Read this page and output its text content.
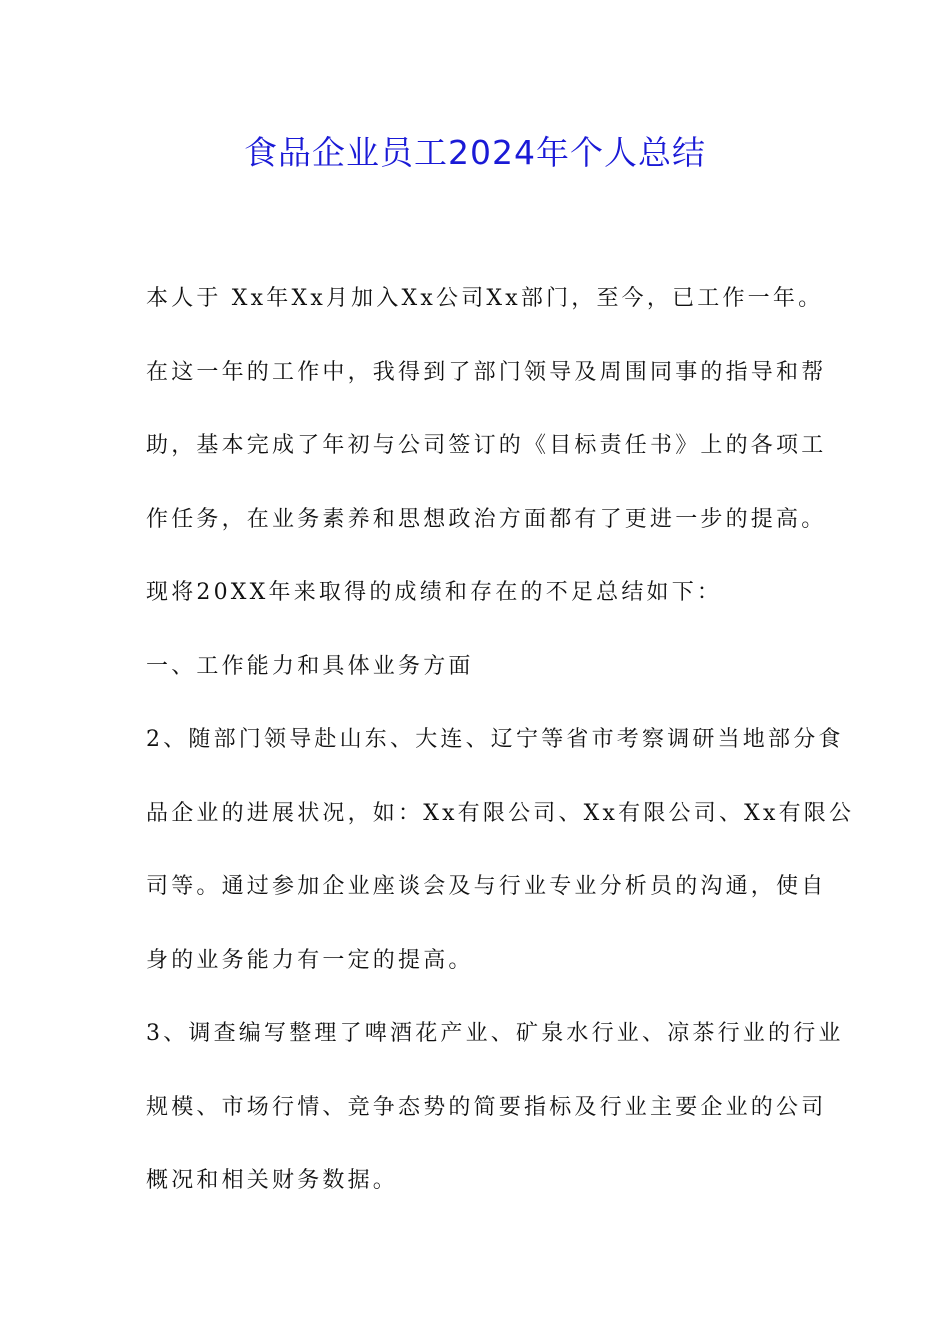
食品企业员工2024年个人总结
本人于 Xx年Xx月加入Xx公司Xx部门，至今，已工作一年。
在这一年的工作中，我得到了部门领导及周围同事的指导和帮
助，基本完成了年初与公司签订的《目标责任书》上的各项工
作任务，在业务素养和思想政治方面都有了更进一步的提高。
现将20XX年来取得的成绩和存在的不足总结如下：
一、工作能力和具体业务方面
2、随部门领导赴山东、大连、辽宁等省市考察调研当地部分食
品企业的进展状况，如：Xx有限公司、Xx有限公司、Xx有限公
司等。通过参加企业座谈会及与行业专业分析员的沟通，使自
身的业务能力有一定的提高。
3、调查编写整理了啤酒花产业、矿泉水行业、凉茶行业的行业
规模、市场行情、竞争态势的简要指标及行业主要企业的公司
概况和相关财务数据。
